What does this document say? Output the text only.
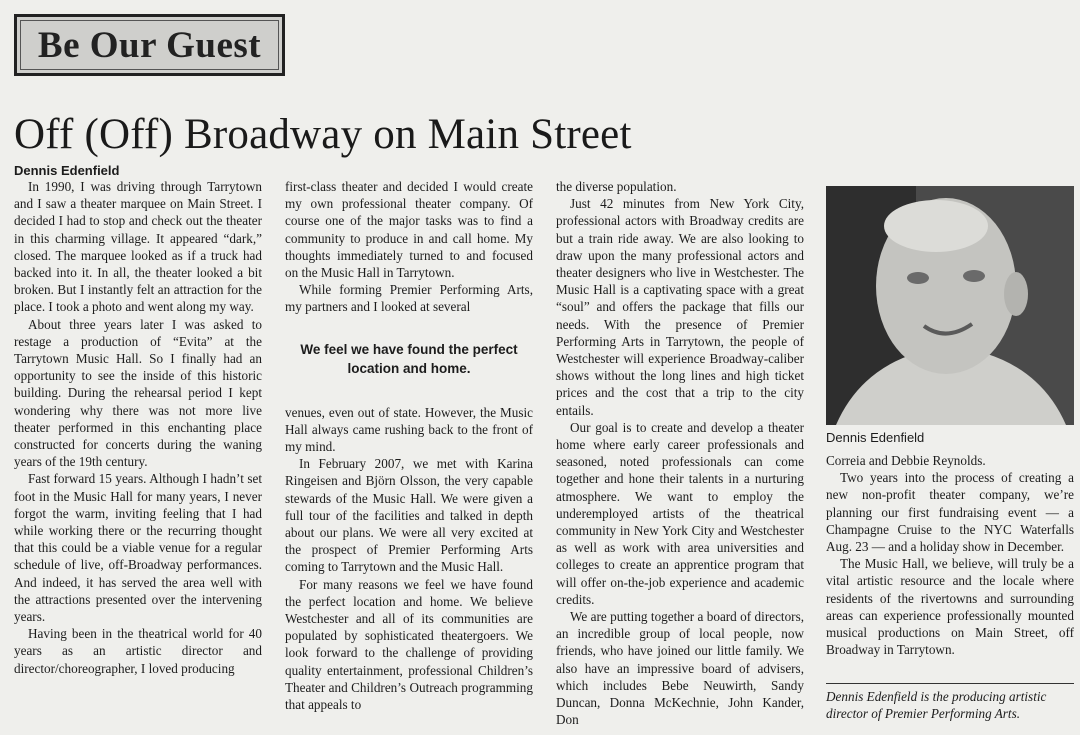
Be Our Guest
Off (Off) Broadway on Main Street
Dennis Edenfield

In 1990, I was driving through Tarrytown and I saw a theater marquee on Main Street. I decided I had to stop and check out the theater in this charming village. It appeared “dark,” closed. The marquee looked as if a truck had backed into it. In all, the theater looked a bit broken. But I instantly felt an attraction for the place. I took a photo and went along my way.

About three years later I was asked to restage a production of “Evita” at the Tarrytown Music Hall. So I finally had an opportunity to see the inside of this historic building. During the rehearsal period I kept wondering why there was not more live theater performed in this enchanting place constructed for concerts during the waning years of the 19th century.

Fast forward 15 years. Although I hadn’t set foot in the Music Hall for many years, I never forgot the warm, inviting feeling that I had while working there or the recurring thought that this could be a viable venue for a regular schedule of live, off-Broadway performances. And indeed, it has served the area well with the attractions presented over the intervening years.

Having been in the theatrical world for 40 years as an artistic director and director/choreographer, I loved producing

first-class theater and decided I would create my own professional theater company. Of course one of the major tasks was to find a community to produce in and call home. My thoughts immediately turned to and focused on the Music Hall in Tarrytown.

While forming Premier Performing Arts, my partners and I looked at several

We feel we have found the perfect location and home.

venues, even out of state. However, the Music Hall always came rushing back to the front of my mind.

In February 2007, we met with Karina Ringeisen and Björn Olsson, the very capable stewards of the Music Hall. We were given a full tour of the facilities and talked in depth about our plans. We were all very excited at the prospect of Premier Performing Arts coming to Tarrytown and the Music Hall.

For many reasons we feel we have found the perfect location and home. We believe Westchester and all of its communities are populated by sophisticated theatergoers. We look forward to the challenge of providing quality entertainment, professional Children’s Theater and Children’s Outreach programming that appeals to

the diverse population.

Just 42 minutes from New York City, professional actors with Broadway credits are but a train ride away. We are also looking to draw upon the many professional actors and theater designers who live in Westchester. The Music Hall is a captivating space with a great “soul” and offers the package that fills our needs. With the presence of Premier Performing Arts in Tarrytown, the people of Westchester will experience Broadway-caliber shows without the long lines and high ticket prices and the cost that a trip to the city entails.

Our goal is to create and develop a theater home where early career professionals and seasoned, noted professionals can come together and hone their talents in a nurturing atmosphere. We want to employ the underemployed artists of the theatrical community in New York City and Westchester as well as work with area universities and colleges to create an apprentice program that will offer on-the-job experience and academic credits.

We are putting together a board of directors, an incredible group of local people, now friends, who have joined our little family. We also have an impressive board of advisers, which includes Bebe Neuwirth, Sandy Duncan, Donna McKechnie, John Kander, Don

Dennis Edenfield

Correia and Debbie Reynolds.

Two years into the process of creating a new non-profit theater company, we’re planning our first fundraising event — a Champagne Cruise to the NYC Waterfalls Aug. 23 — and a holiday show in December.

The Music Hall, we believe, will truly be a vital artistic resource and the locale where residents of the rivertowns and surrounding areas can experience professionally mounted musical productions on Main Street, off Broadway in Tarrytown.

Dennis Edenfield is the producing artistic director of Premier Performing Arts.
